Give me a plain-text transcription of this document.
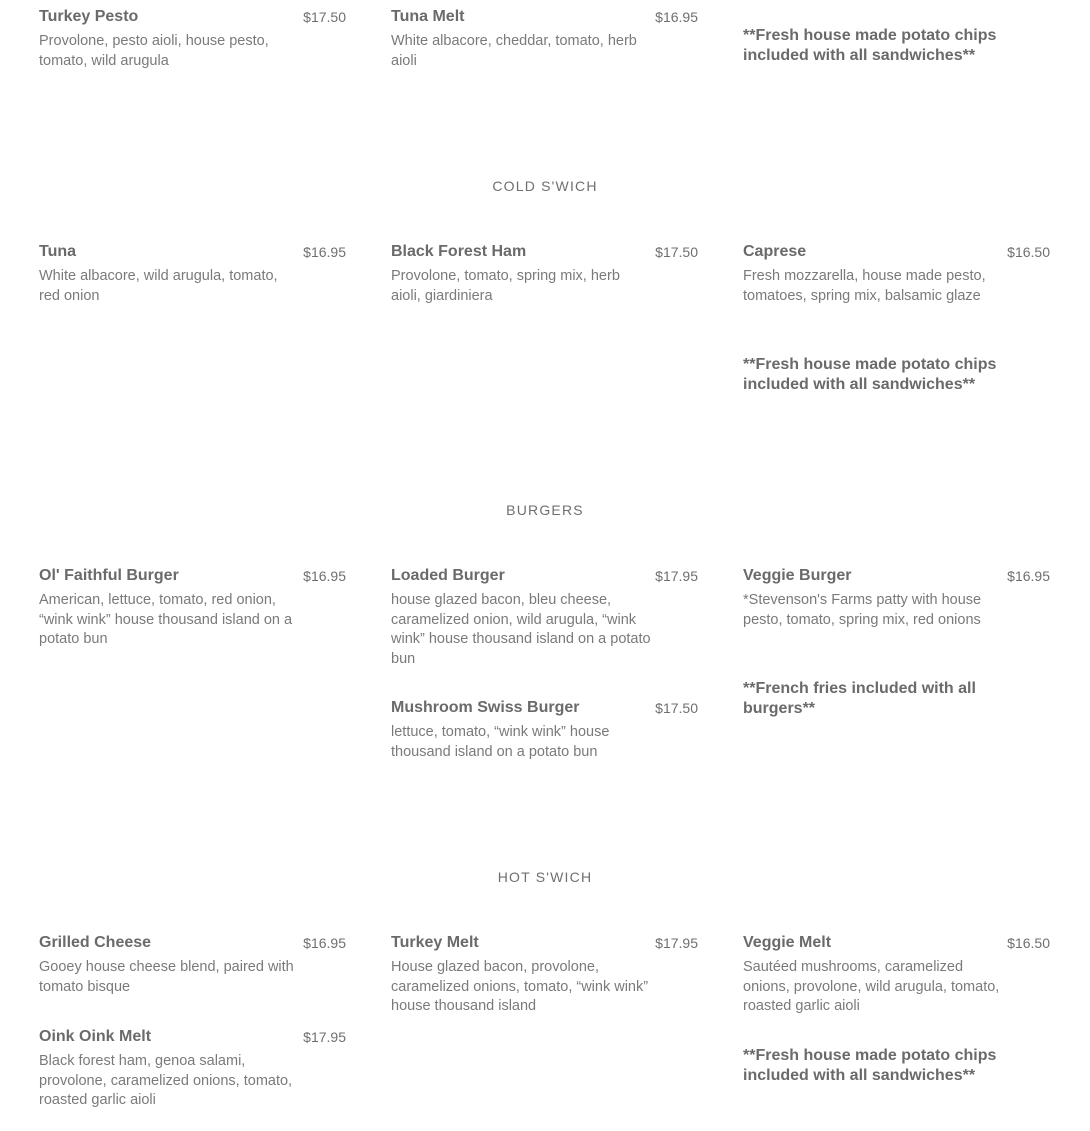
Turkey Pesto	$17.50
Provolone, pesto aioli, house pesto, tomato, wild arugula
Tuna Melt	$16.95
White albacore, cheddar, tomato, herb aioli
**Fresh house made potato chips included with all sandwiches**
COLD S'WICH
Tuna	$16.95
White albacore, wild arugula, tomato, red onion
Black Forest Ham	$17.50
Provolone, tomato, spring mix, herb aioli, giardiniera
Caprese	$16.50
Fresh mozzarella, house made pesto, tomatoes, spring mix, balsamic glaze
**Fresh house made potato chips included with all sandwiches**
BURGERS
Ol' Faithful Burger	$16.95
American, lettuce, tomato, red onion, “wink wink” house thousand island on a potato bun
Loaded Burger	$17.95
house glazed bacon, bleu cheese, caramelized onion, wild arugula, “wink wink” house thousand island on a potato bun
Veggie Burger	$16.95
*Stevenson's Farms patty with house pesto, tomato, spring mix, red onions
Mushroom Swiss Burger	$17.50
lettuce, tomato, “wink wink” house thousand island on a potato bun
**French fries included with all burgers**
HOT S'WICH
Grilled Cheese	$16.95
Gooey house cheese blend, paired with tomato bisque
Turkey Melt	$17.95
House glazed bacon, provolone, caramelized onions, tomato, “wink wink” house thousand island
Veggie Melt	$16.50
Sautéed mushrooms, caramelized onions, provolone, wild arugula, tomato, roasted garlic aioli
Oink Oink Melt	$17.95
Black forest ham, genoa salami, provolone, caramelized onions, tomato, roasted garlic aioli
**Fresh house made potato chips included with all sandwiches**
